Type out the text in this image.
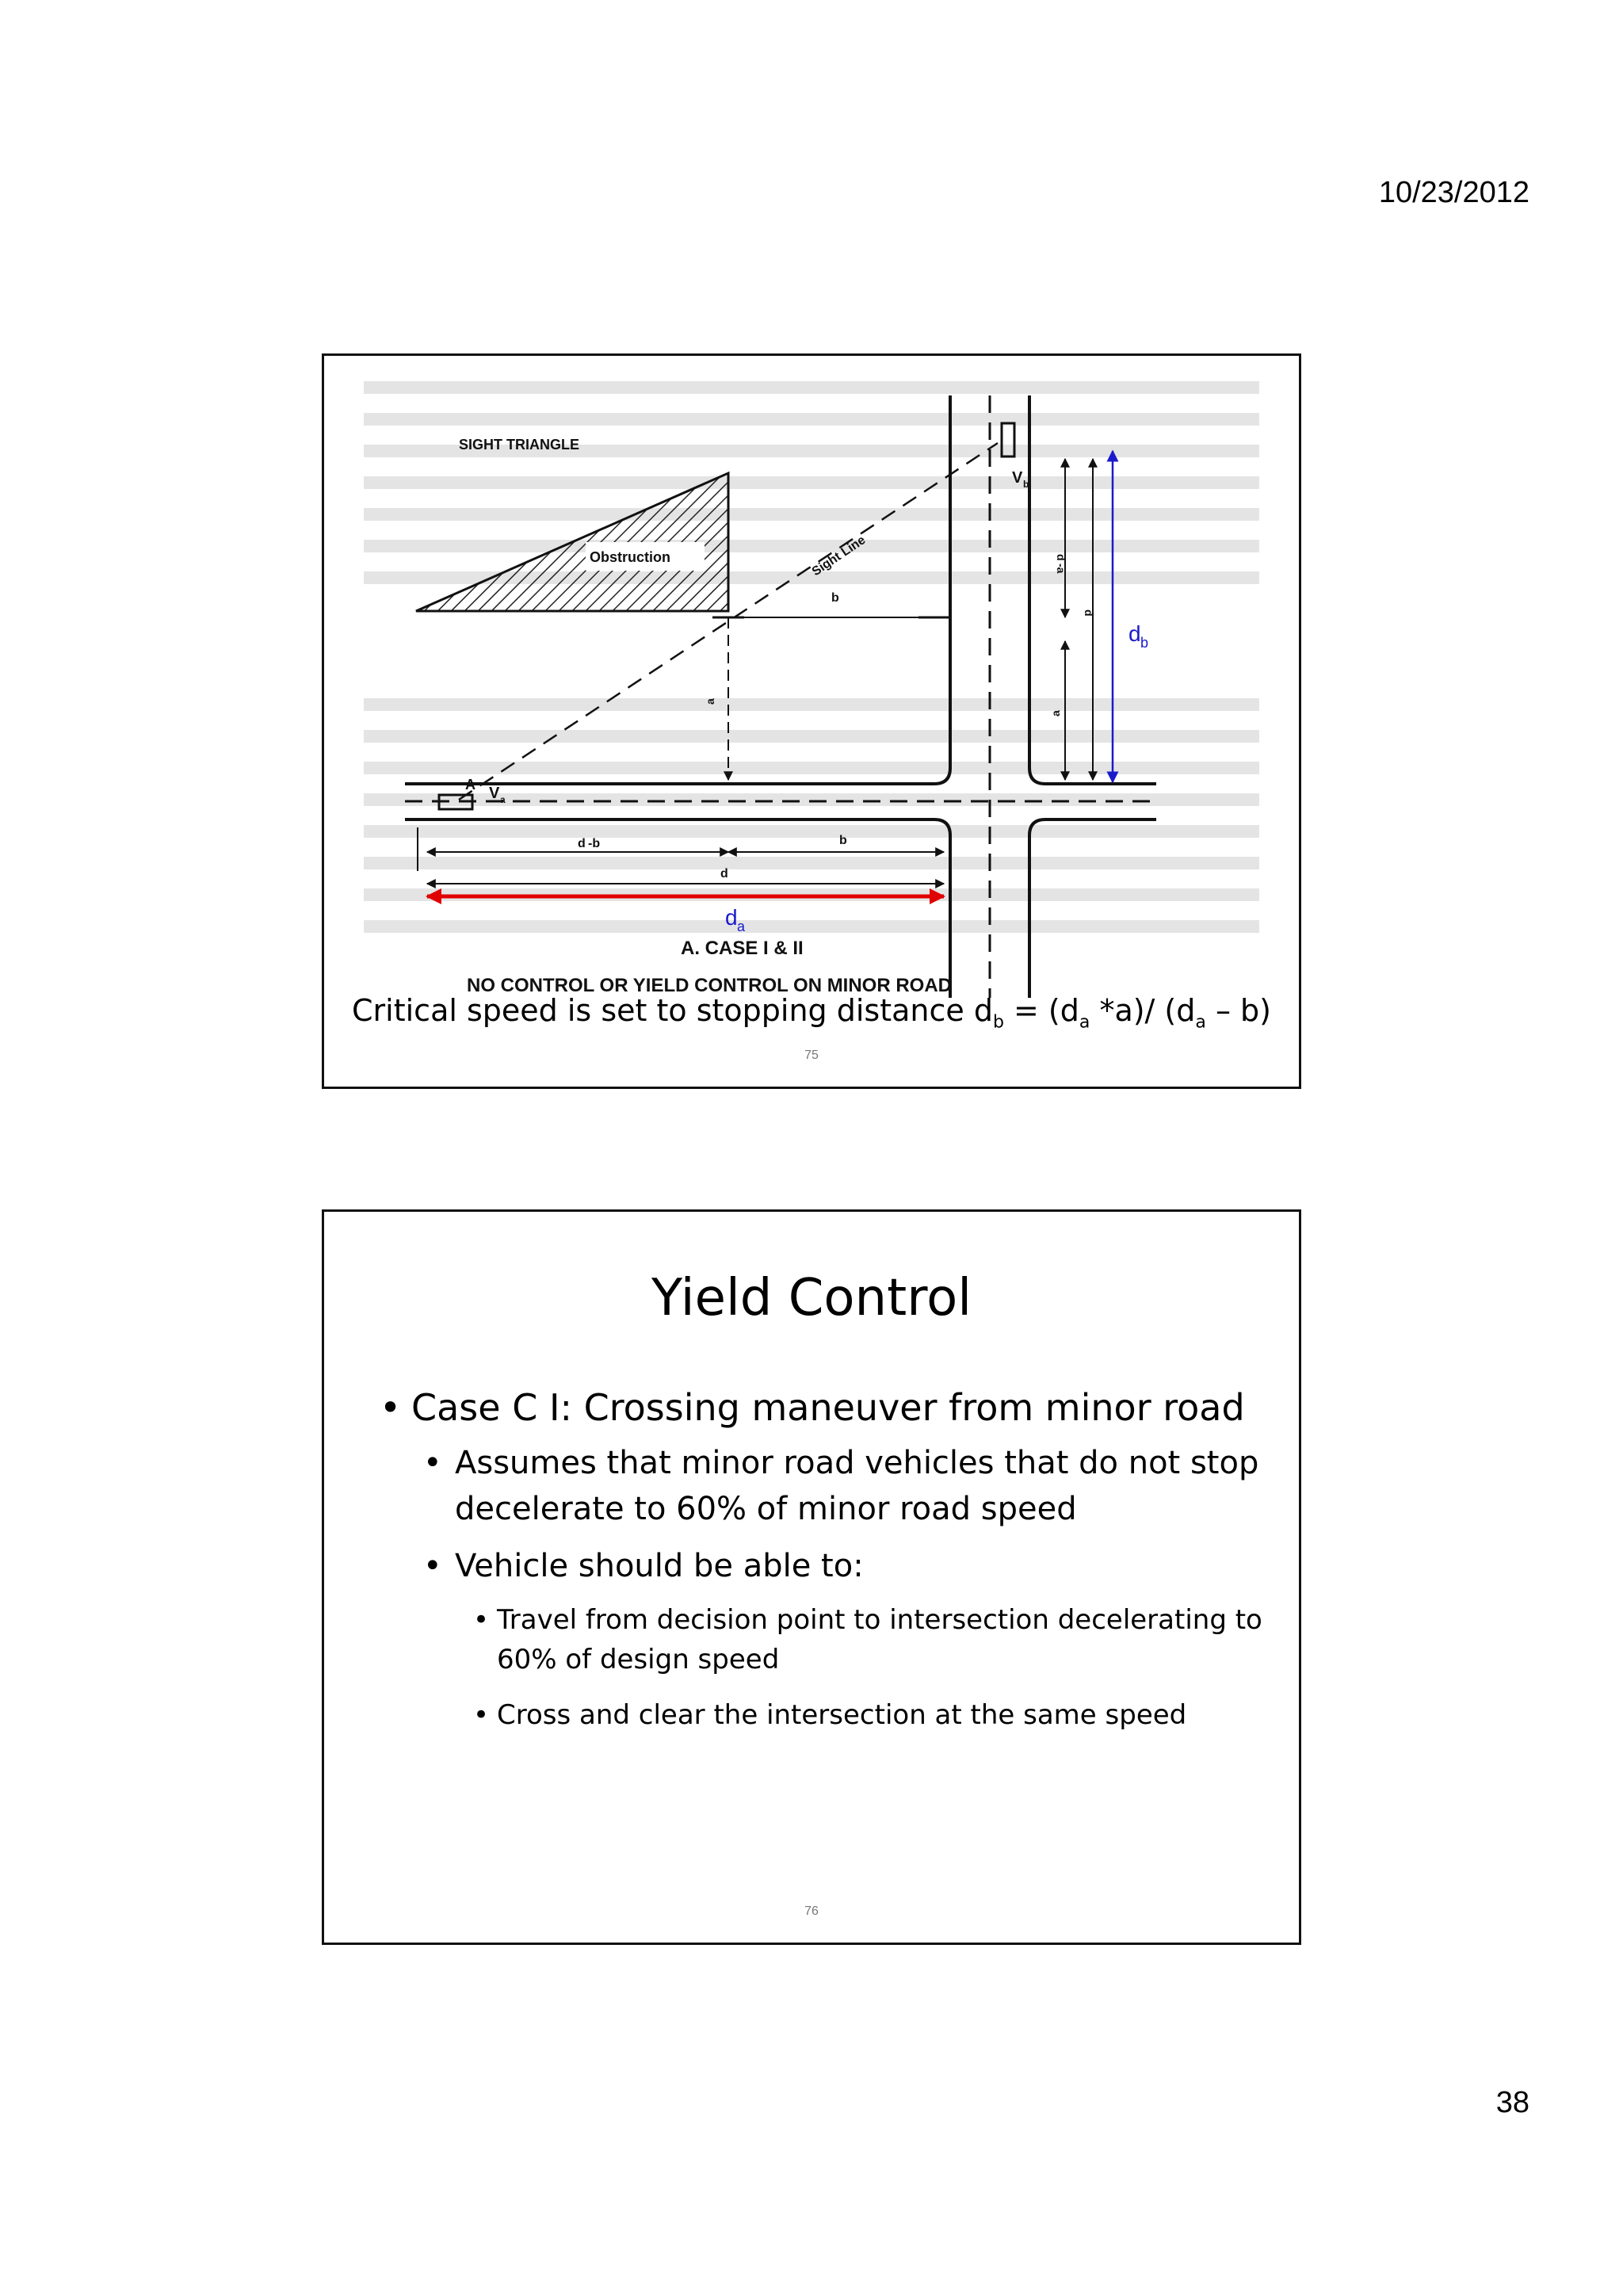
10/23/2012
Obstruction
SIGHT TRIANGLE
A V a
V b
Sight Line
b
a
d
-a
a
d
d b
d -b	b
d
d a
A. CASE I & II
NO CONTROL OR YIELD CONTROL ON MINOR ROAD
Critical speed is set to stopping distance $d_b = (d_a$ *a)/ $(d_a - b)$
75
Yield Control
• Case C I: Crossing maneuver from minor road
• Assumes that minor road vehicles that do not stop decelerate to 60% of minor road speed
• Vehicle should be able to:
• Travel from decision point to intersection decelerating to 60% of design speed
• Cross and clear the intersection at the same speed
76
38
